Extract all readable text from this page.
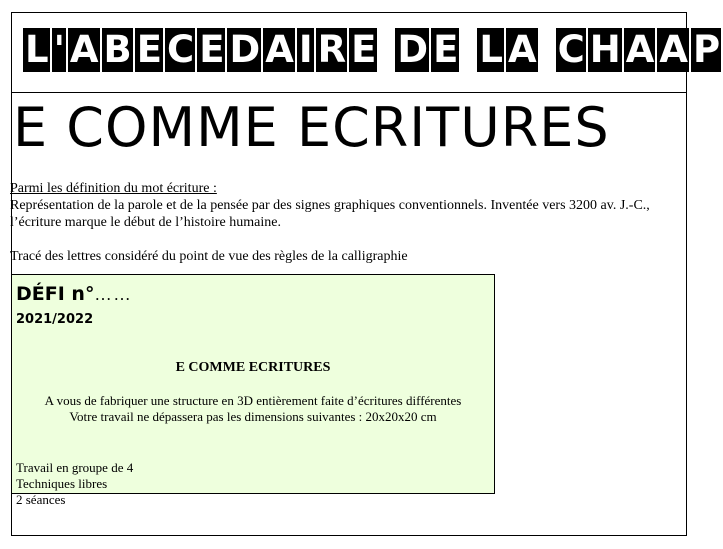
L ' A B E C E D A I R E D E L A C H A A P
E COMME ECRITURES
Parmi les définition du mot écriture :

Représentation de la parole et de la pensée par des signes graphiques conventionnels. Inventée vers 3200 av. J.-C., l’écriture marque le début de l’histoire humaine.

Tracé des lettres considéré du point de vue des règles de la calligraphie

DÉFI n°……
2021/2022
E COMME ECRITURES
A vous de fabriquer une structure en 3D entièrement faite d’écritures différentes
Votre travail ne dépassera pas les dimensions suivantes : 20x20x20 cm
Travail en groupe de 4
Techniques libres
2 séances
